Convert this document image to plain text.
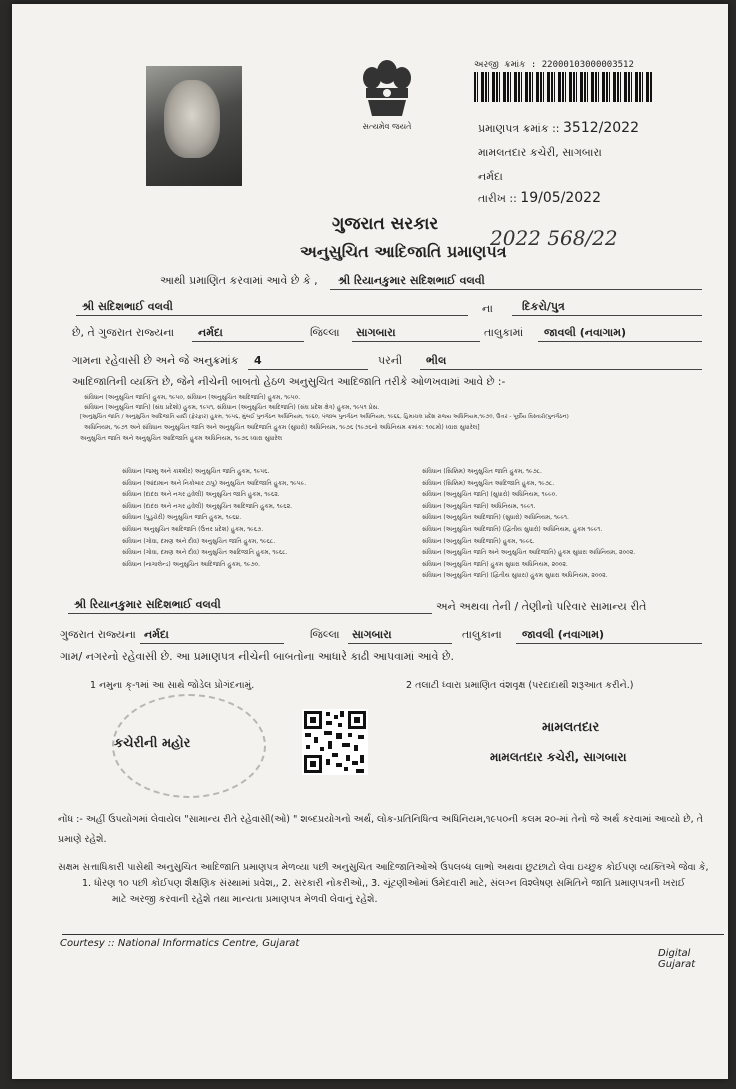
સત્યમેવ જયતે
અરજી ક્રમાંક : 22000103000003512
પ્રમાણપત્ર ક્રમાંક :: 3512/2022
મામલતદાર કચેરી, સાગબારા
નર્મદા
તારીખ :: 19/05/2022
ગુજરાત સરકાર
અનુસુચિત આદિજાતિ પ્રમાણપત્ર
2022 568/22
આથી પ્રમાણિત કરવામાં આવે છે કે , શ્રી રિયાનકુમાર સદિશભાઈ વલવી
શ્રી સદિશભાઈ વલવી	ના	દિકરો/પુત્ર
છે, તે ગુજરાત રાજ્યના નર્મદા	જિલ્લા સાગબારા	તાલુકામાં જાવલી (નવાગામ)
ગામના રહેવાસી છે અને જે અનુક્રમાંક 4	પરની ભીલ
આદિજાતિની વ્યક્તિ છે, જેને નીચેની બાબતો હેઠળ અનુસુચિત આદિજાતિ તરીકે ઓળખવામાં આવે છે :-
સંવિધાન (અનુસુચિત જાતિ) હુકમ, ૧૯૫૦, સંવિધાન (અનુસુચિત આદિજાતિ) હુકમ, ૧૯૫૦.
સંવિધાન (અનુસુચિત જાતિ) (સંઘ પ્રદેશો) હુકમ, ૧૯૫૧, સંવિધાન (અનુસુચિત આદિજાતિ) (સંઘ પ્રદેશ ક્ષેત્ર) હુકમ, ૧૯૫૧ પ્રેસ.
[અનુસુચિત જાતિ / અનુસુચિત આદિજાતિ યાદી (ફેરફાર) હુકમ, ૧૯૫૬, મુંબઈ પુનર્ગઠન અધિનિયમ, ૧૯૬૦, પંજાબ પુનર્ગઠન અધિનિયમ, ૧૯૬૬, હિમાચલ પ્રદેશ રાજ્ય અધિનિયમ,૧૯૭૦, ઉત્તર - પૂર્વીય વિસ્તારો(પુનર્ગઠન)
અધિનિયમ, ૧૯૭૧ અને સંવિધાન અનુસુચિત જાતિ અને અનુસુચિત આદિજાતિ હુકમ (સુધારો) અધિનિયમ, ૧૯૭૬ (૧૯૭૬નો અધિનિયમ ક્રમાંક: ૧૦૮મો) ધ્વારા સુધારેલ]
અનુસુચિત જાતિ અને અનુસુચિત આદિજાતિ હુકમ અધિનિયમ, ૧૯૭૬ ધ્વારા સુધારેલ
સંવિધાન (જમ્મુ અને કાશ્મીર) અનુસુચિત જાતિ હુકમ, ૧૯૫૬.
સંવિધાન (આંદામાન અને નિકોબાર ટાપુ) અનુસુચિત આદિજાતિ હુકમ, ૧૯૫૯.
સંવિધાન (દાદરા અને નગર હવેલી) અનુસુચિત જાતિ હુકમ, ૧૯૬૨.
સંવિધાન (દાદરા અને નગર હવેલી) અનુસુચિત આદિજાતિ હુકમ, ૧૯૬૨.
સંવિધાન (પુડુચેરી) અનુસુચિત જાતિ હુકમ, ૧૯૬૪.
સંવિધાન અનુસુચિત આદિજાતિ (ઉત્તર પ્રદેશ) હુકમ, ૧૯૬૭.
સંવિધાન (ગોવા, દમણ અને દીવ) અનુસુચિત જાતિ હુકમ, ૧૯૬૮.
સંવિધાન (ગોવા, દમણ અને દીવ) અનુસુચિત આદિજાતિ હુકમ, ૧૯૬૮.
સંવિધાન (નાગાલેન્ડ) અનુસુચિત આદિજાતિ હુકમ, ૧૯૭૦.
સંવિધાન (સિક્કિમ) અનુસુચિત જાતિ હુકમ, ૧૯૭૮.
સંવિધાન (સિક્કિમ) અનુસુચિત આદિજાતિ હુકમ, ૧૯૭૮.
સંવિધાન (અનુસુચિત જાતિ) (સુધારો) અધિનિયમ, ૧૯૯૦.
સંવિધાન (અનુસુચિત જાતિ) અધિનિયમ, ૧૯૯૧.
સંવિધાન (અનુસુચિત આદિજાતિ) (સુધારો) અધિનિયમ, ૧૯૯૧.
સંવિધાન (અનુસુચિત આદિજાતિ) (દ્વિતીય સુધારો) અધિનિયમ, હુકમ ૧૯૯૧.
સંવિધાન (અનુસુચિત આદિજાતિ) હુકમ, ૧૯૯૬.
સંવિધાન (અનુસુચિત જાતિ અને અનુસુચિત આદિજાતિ) હુકમ સુધારા અધિનિયમ, ૨૦૦૨.
સંવિધાન (અનુસુચિત જાતિ) હુકમ સુધારા અધિનિયમ, ૨૦૦૨.
સંવિધાન (અનુસુચિત જાતિ) (દ્વિતીય સુધારા) હુકમ સુધારા અધિનિયમ, ૨૦૦૨.
શ્રી રિયાનકુમાર સદિશભાઈ વલવી	અને અથવા તેની / તેણીનો પરિવાર સામાન્ય રીતે
ગુજરાત રાજ્યના નર્મદા	જિલ્લા સાગબારા	તાલુકાના જાવલી (નવાગામ)
ગામ/ નગરનો રહેવાસી છે. આ પ્રમાણપત્ર નીચેની બાબતોના આધારે કાઢી આપવામાં આવે છે.
1 નમુના ક્-૧માં આ સાથે જોડેલ પ્રોગંદનામું.	2 તલાટી ધ્વારા પ્રમાણિત વંશવૃક્ષ (પરદાદાથી શરૂઆત કરીને.)
કચેરીની મહોર
મામલતદાર
મામલતદાર કચેરી, સાગબારા
નોંધ :- અહીં ઉપયોગમાં લેવાયેલ "સામાન્ય રીતે રહેવાસી(ઓ) " શબ્દપ્રયોગનો અર્થ, લોક-પ્રતિનિધિત્વ અધિનિયમ,૧૯૫૦ની કલમ ૨૦-માં તેનો જે અર્થ કરવામાં આવ્યો છે, તે
પ્રમાણે રહેશે.
સક્ષમ સત્તાધિકારી પાસેથી અનુસુચિત આદિજાતિ પ્રમાણપત્ર મેળવ્યા પછી અનુસુચિત આદિજાતિઓએ ઉપલબ્ધ લાભો અથવા છુટછાટો લેવા ઇચ્છુક કોઈપણ વ્યક્તિએ જેવા કે,
1. ધોરણ ૧૦ પછી કોઈપણ શૈક્ષણિક સંસ્થામાં પ્રવેશ,, 2. સરકારી નોકરીઓ,, 3. ચૂંટણીઓમાં ઉમેદવારી માટે, સંલગ્ન વિશ્લેષણ સમિતિને જાતિ પ્રમાણપત્રની ખરાઈ
માટે અરજી કરવાની રહેશે તથા માન્યતા પ્રમાણપત્ર મેળવી લેવાનું રહેશે.
Courtesy :: National Informatics Centre, Gujarat
Digital Gujarat
